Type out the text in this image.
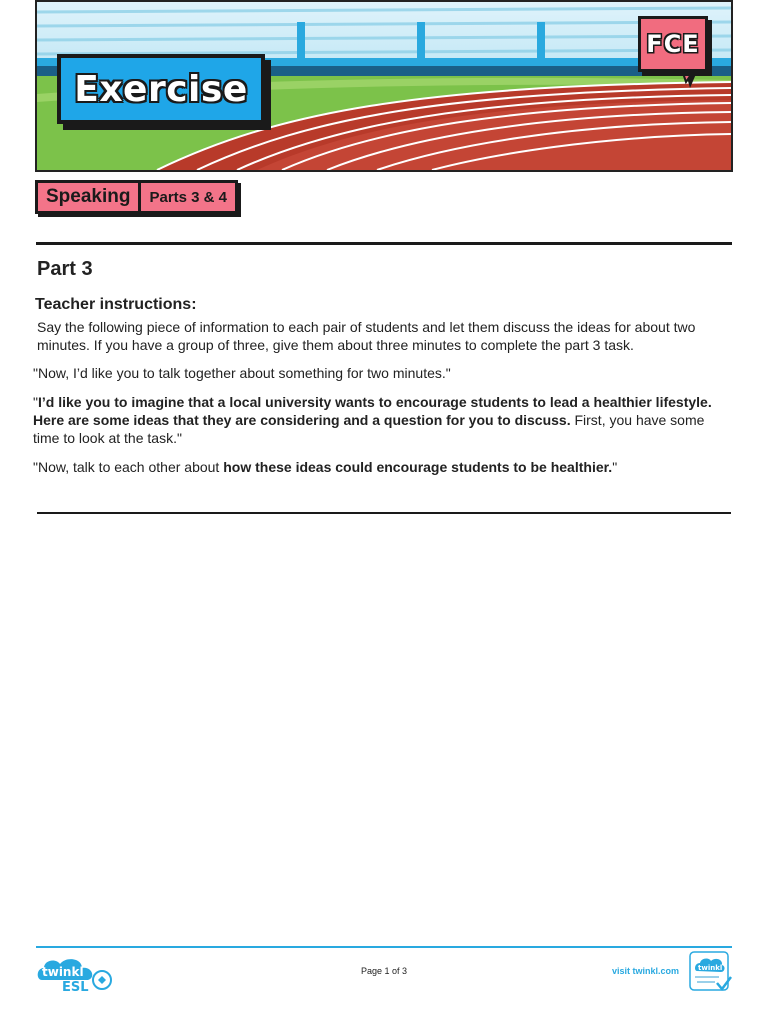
Exercise
FCE
Speaking	Parts 3 & 4
Part 3
Teacher instructions:
Say the following piece of information to each pair of students and let them discuss the ideas for about two minutes. If you have a group of three, give them about three minutes to complete the part 3 task.
"Now, I’d like you to talk together about something for two minutes."
"I’d like you to imagine that a local university wants to encourage students to lead a healthier lifestyle. Here are some ideas that they are considering and a question for you to discuss. First, you have some time to look at the task."
"Now, talk to each other about how these ideas could encourage students to be healthier."
twinkl
ESL
Page 1 of 3	visit twinkl.com	twinkl
